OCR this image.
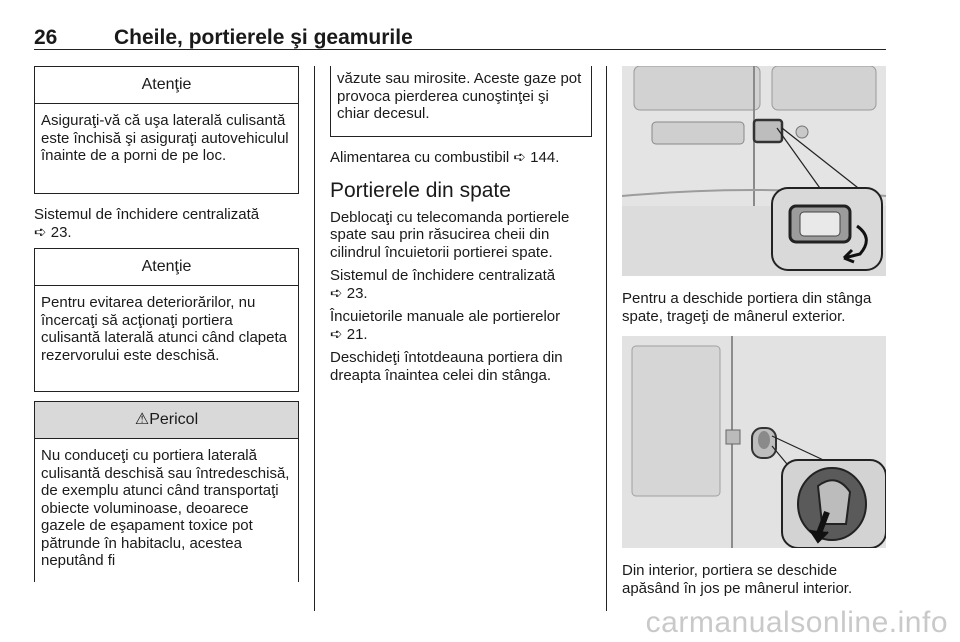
26	Cheile, portierele şi geamurile
Atenţie

Asiguraţi-vă că uşa laterală culisantă este închisă şi asiguraţi autovehiculul înainte de a porni de pe loc.

Sistemul de închidere centralizată
➪ 23.

Atenţie

Pentru evitarea deteriorărilor, nu încercaţi să acţionaţi portiera culisantă laterală atunci când clapeta rezervorului este deschisă.

⚠Pericol

Nu conduceţi cu portiera laterală culisantă deschisă sau întredeschisă, de exemplu atunci când transportaţi obiecte voluminoase, deoarece gazele de eşapament toxice pot pătrunde în habitaclu, acestea neputând fi

văzute sau mirosite. Aceste gaze pot provoca pierderea cunoştinţei şi chiar decesul.

Alimentarea cu combustibil ➪ 144.

Portierele din spate

Deblocaţi cu telecomanda portierele spate sau prin răsucirea cheii din cilindrul încuietorii portierei spate.

Sistemul de închidere centralizată
➪ 23.

Încuietorile manuale ale portierelor
➪ 21.

Deschideţi întotdeauna portiera din dreapta înaintea celei din stânga.

Pentru a deschide portiera din stânga spate, trageţi de mânerul exterior.

Din interior, portiera se deschide apăsând în jos pe mânerul interior.

carmanualsonline.info
